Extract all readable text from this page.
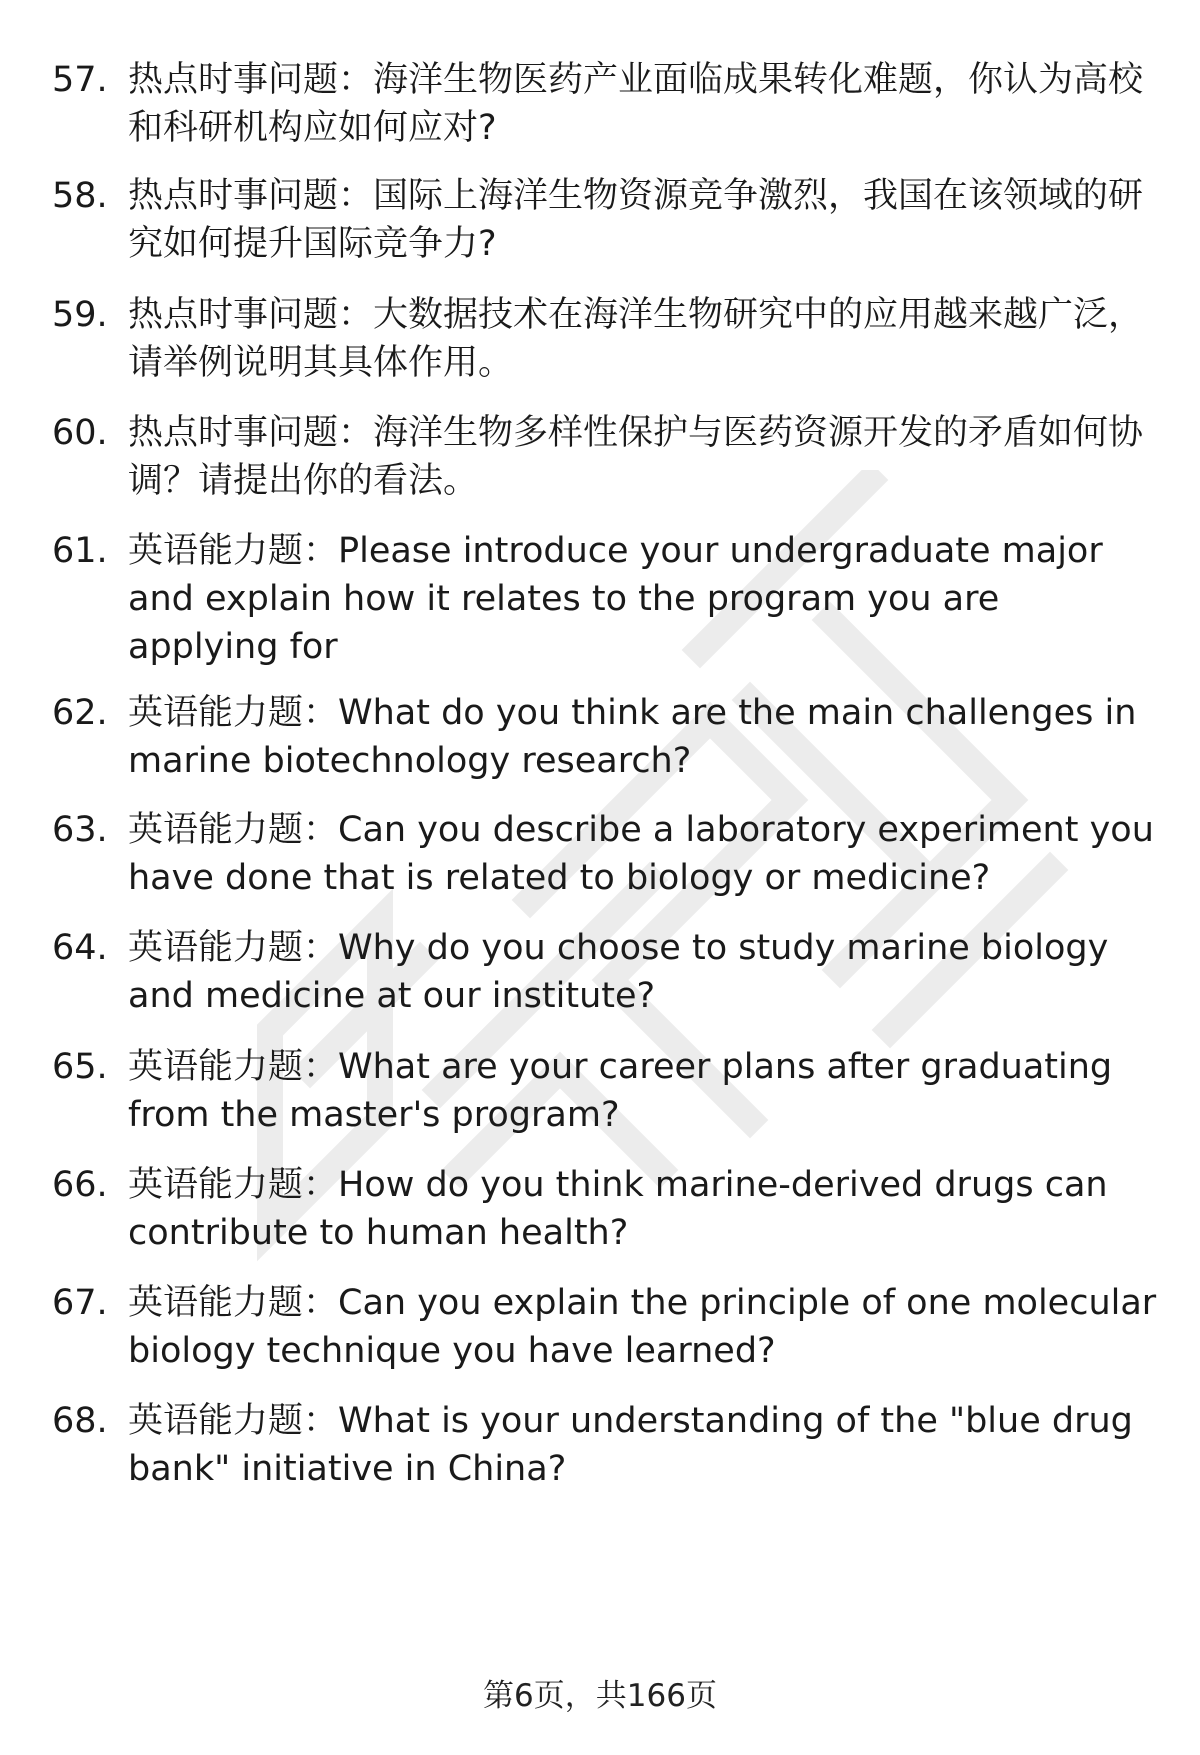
57. 热点时事问题：海洋生物医药产业面临成果转化难题，你认为高校和科研机构应如何应对?
58. 热点时事问题：国际上海洋生物资源竞争激烈，我国在该领域的研究如何提升国际竞争力?
59. 热点时事问题：大数据技术在海洋生物研究中的应用越来越广泛，请举例说明其具体作用。
60. 热点时事问题：海洋生物多样性保护与医药资源开发的矛盾如何协调？请提出你的看法。
61. 英语能力题：Please introduce your undergraduate major and explain how it relates to the program you are applying for
62. 英语能力题：What do you think are the main challenges in marine biotechnology research?
63. 英语能力题：Can you describe a laboratory experiment you have done that is related to biology or medicine?
64. 英语能力题：Why do you choose to study marine biology and medicine at our institute?
65. 英语能力题：What are your career plans after graduating from the master's program?
66. 英语能力题：How do you think marine-derived drugs can contribute to human health?
67. 英语能力题：Can you explain the principle of one molecular biology technique you have learned?
68. 英语能力题：What is your understanding of the "blue drug bank" initiative in China?
第6页，共166页
